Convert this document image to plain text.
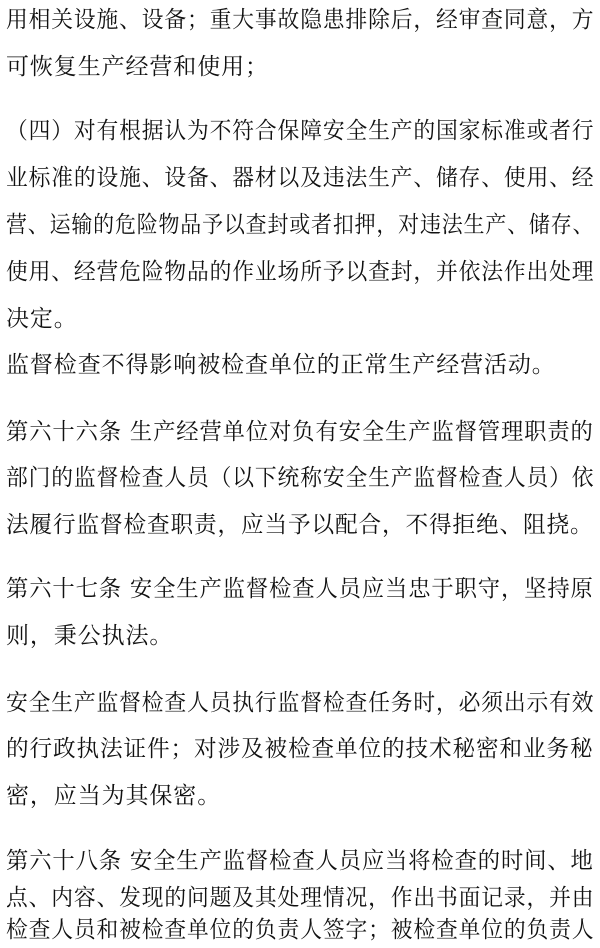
用相关设施、设备；重大事故隐患排除后，经审查同意，方
可恢复生产经营和使用；
（四）对有根据认为不符合保障安全生产的国家标准或者行
业标准的设施、设备、器材以及违法生产、储存、使用、经
营、运输的危险物品予以查封或者扣押，对违法生产、储存、
使用、经营危险物品的作业场所予以查封，并依法作出处理
决定。
监督检查不得影响被检查单位的正常生产经营活动。
第六十六条 生产经营单位对负有安全生产监督管理职责的
部门的监督检查人员（以下统称安全生产监督检查人员）依
法履行监督检查职责，应当予以配合，不得拒绝、阻挠。
第六十七条 安全生产监督检查人员应当忠于职守，坚持原
则，秉公执法。
安全生产监督检查人员执行监督检查任务时，必须出示有效
的行政执法证件；对涉及被检查单位的技术秘密和业务秘
密，应当为其保密。
第六十八条 安全生产监督检查人员应当将检查的时间、地
点、内容、发现的问题及其处理情况，作出书面记录，并由
检查人员和被检查单位的负责人签字；被检查单位的负责人
